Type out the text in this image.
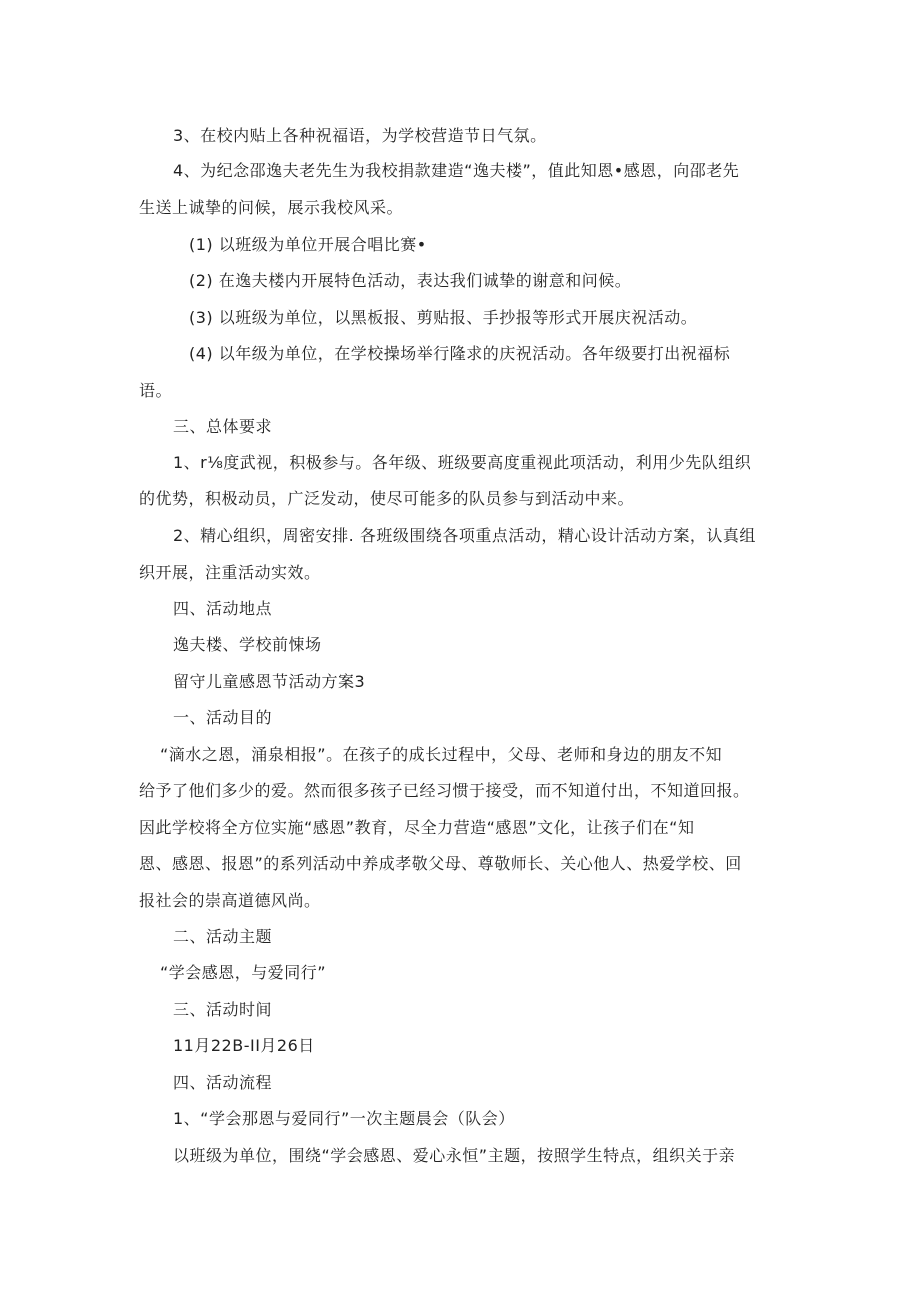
3、在校内贴上各种祝福语，为学校营造节日气氛。

4、为纪念邵逸夫老先生为我校捐款建造“逸夫楼”，值此知恩•感恩，向邵老先

生送上诚挚的问候，展示我校风采。

(1) 以班级为单位开展合唱比赛•

(2) 在逸夫楼内开展特色活动，表达我们诚挚的谢意和问候。

(3) 以班级为单位，以黑板报、剪贴报、手抄报等形式开展庆祝活动。

(4) 以年级为单位，在学校操场举行隆求的庆祝活动。各年级要打出祝福标

语。

三、总体要求

1、r⅛度武视，积极参与。各年级、班级要高度重视此项活动，利用少先队组织

的优势，积极动员，广泛发动，使尽可能多的队员参与到活动中来。

2、精心组织，周密安排. 各班级围绕各项重点活动，精心设计活动方案，认真组

织开展，注重活动实效。

四、活动地点

逸夫楼、学校前悚场

留守儿童感恩节活动方案3

一、活动目的

“滴水之恩，涌泉相报”。在孩子的成长过程中，父母、老师和身边的朋友不知

给予了他们多少的爱。然而很多孩子已经习惯于接受，而不知道付出，不知道回报。

因此学校将全方位实施“感恩”教育，尽全力营造“感恩”文化，让孩子们在“知

恩、感恩、报恩”的系列活动中养成孝敬父母、尊敬师长、关心他人、热爱学校、回

报社会的崇高道德风尚。

二、活动主题

“学会感恩，与爱同行”

三、活动时间

11月22B-II月26日

四、活动流程

1、“学会那恩与爱同行”一次主题晨会（队会）

以班级为单位，围绕“学会感恩、爱心永恒”主题，按照学生特点，组织关于亲
